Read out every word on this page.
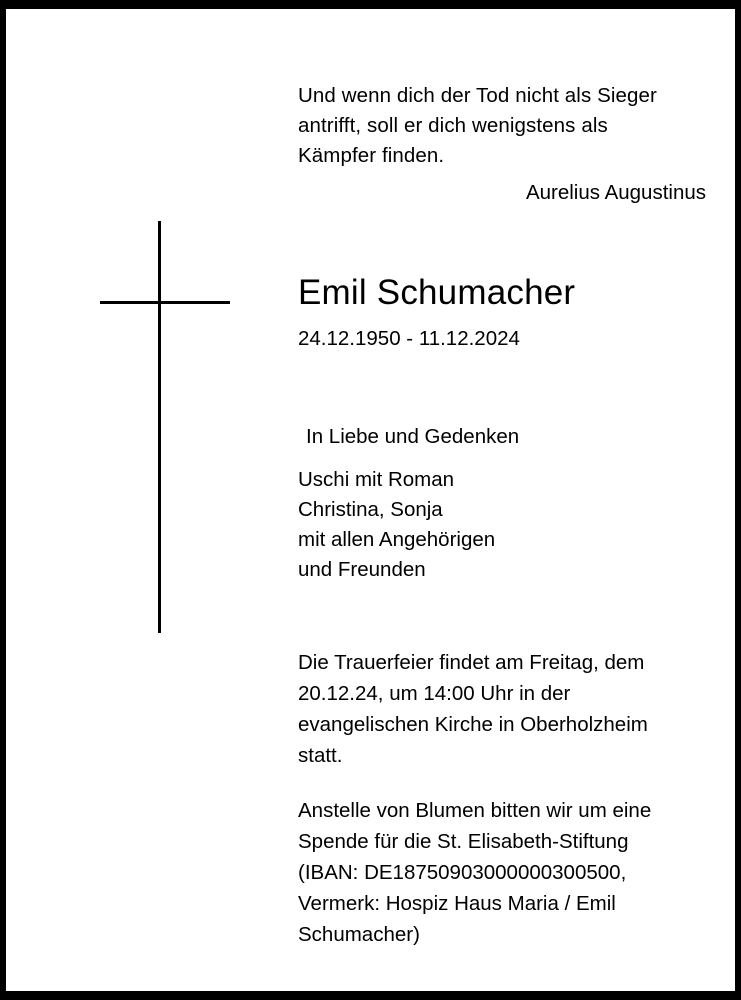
Und wenn dich der Tod nicht als Sieger
antrifft, soll er dich wenigstens als
Kämpfer finden.
Aurelius Augustinus
Emil Schumacher
24.12.1950 - 11.12.2024
In Liebe und Gedenken
Uschi mit Roman
Christina, Sonja
mit allen Angehörigen
und Freunden
Die Trauerfeier findet am Freitag, dem
20.12.24, um 14:00 Uhr in der
evangelischen Kirche in Oberholzheim
statt.
Anstelle von Blumen bitten wir um eine
Spende für die St. Elisabeth-Stiftung
(IBAN: DE18750903000000300500,
Vermerk: Hospiz Haus Maria / Emil
Schumacher)
